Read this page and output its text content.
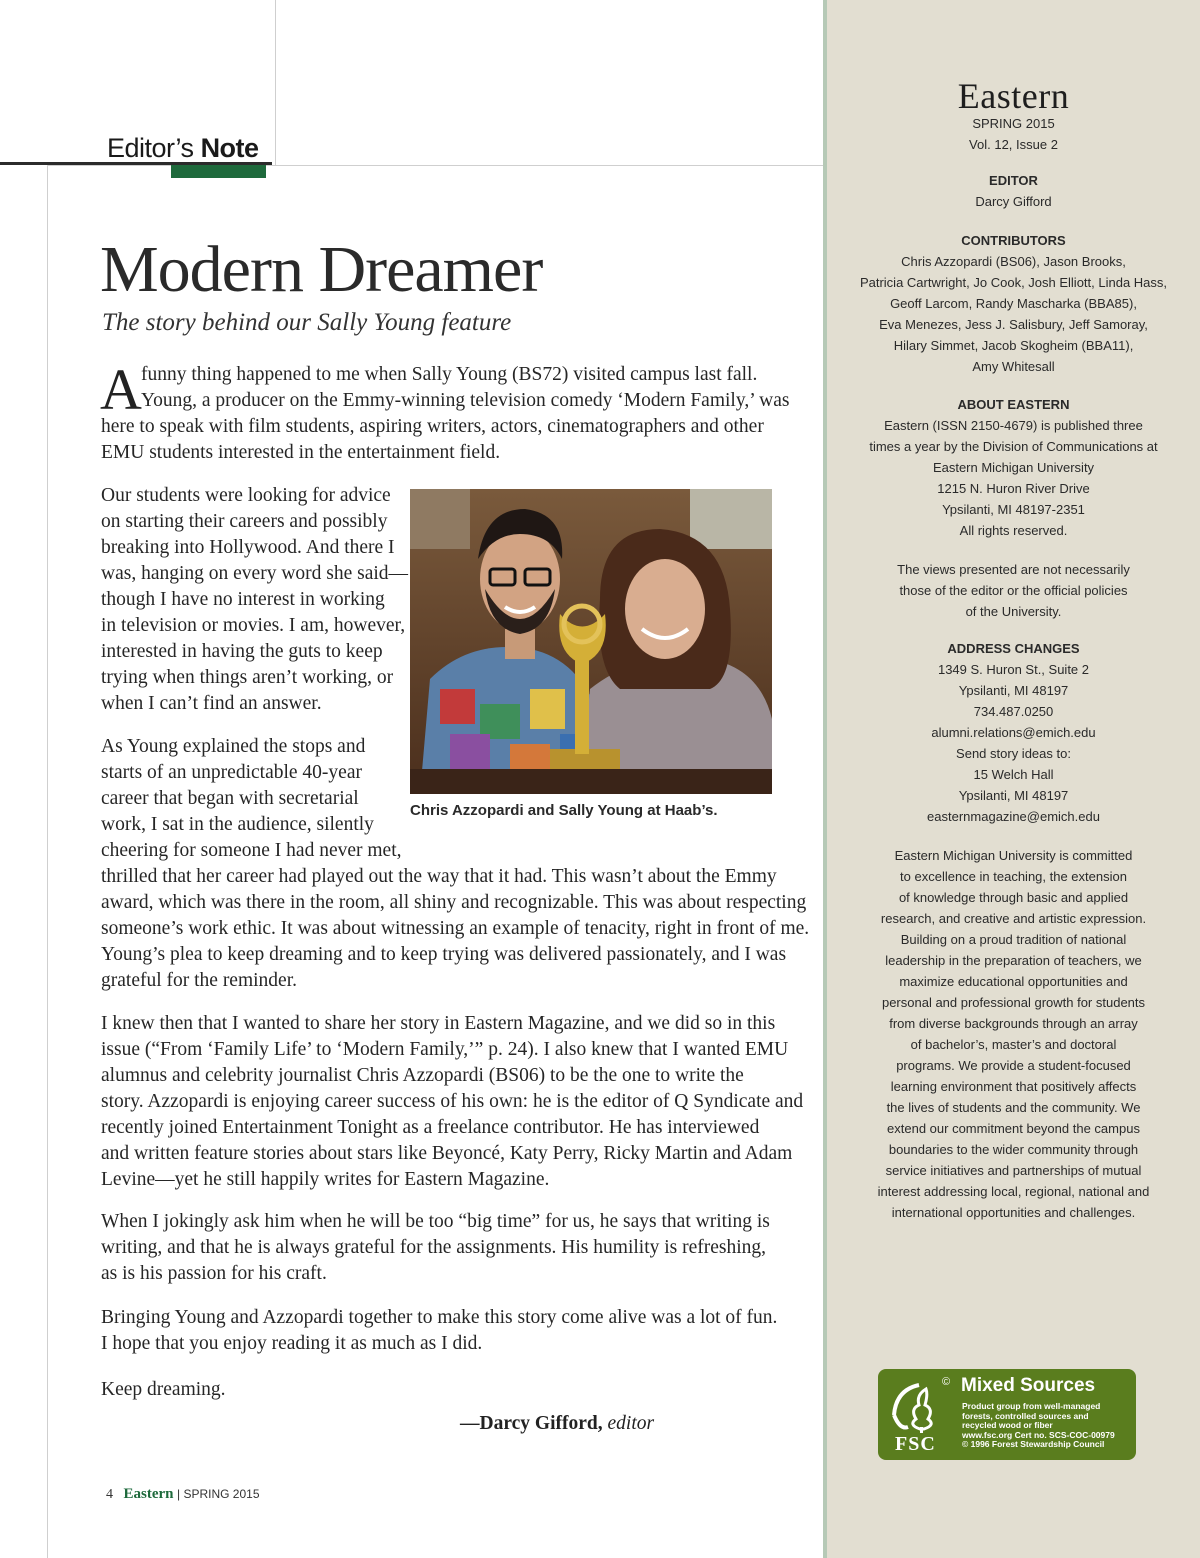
Editor’s Note
Modern Dreamer
The story behind our Sally Young feature
A funny thing happened to me when Sally Young (BS72) visited campus last fall.
Young, a producer on the Emmy-winning television comedy ‘Modern Family,’ was
here to speak with film students, aspiring writers, actors, cinematographers and other
EMU students interested in the entertainment field.
Our students were looking for advice
on starting their careers and possibly
breaking into Hollywood. And there I
was, hanging on every word she said—
though I have no interest in working
in television or movies. I am, however,
interested in having the guts to keep
trying when things aren’t working, or
when I can’t find an answer.
As Young explained the stops and
starts of an unpredictable 40-year
career that began with secretarial
work, I sat in the audience, silently
cheering for someone I had never met,
thrilled that her career had played out the way that it had. This wasn’t about the Emmy
award, which was there in the room, all shiny and recognizable. This was about respecting
someone’s work ethic. It was about witnessing an example of tenacity, right in front of me.
Young’s plea to keep dreaming and to keep trying was delivered passionately, and I was
grateful for the reminder.
I knew then that I wanted to share her story in Eastern Magazine, and we did so in this
issue (“From ‘Family Life’ to ‘Modern Family,’” p. 24). I also knew that I wanted EMU
alumnus and celebrity journalist Chris Azzopardi (BS06) to be the one to write the
story. Azzopardi is enjoying career success of his own: he is the editor of Q Syndicate and
recently joined Entertainment Tonight as a freelance contributor. He has interviewed
and written feature stories about stars like Beyoncé, Katy Perry, Ricky Martin and Adam
Levine—yet he still happily writes for Eastern Magazine.
When I jokingly ask him when he will be too “big time” for us, he says that writing is
writing, and that he is always grateful for the assignments. His humility is refreshing,
as is his passion for his craft.
Bringing Young and Azzopardi together to make this story come alive was a lot of fun.
I hope that you enjoy reading it as much as I did.
Keep dreaming.
—Darcy Gifford, editor
Chris Azzopardi and Sally Young at Haab’s.
4 Eastern | SPRING 2015
Eastern
SPRING 2015
Vol. 12, Issue 2
EDITOR
Darcy Gifford
CONTRIBUTORS
Chris Azzopardi (BS06), Jason Brooks,
Patricia Cartwright, Jo Cook, Josh Elliott, Linda Hass,
Geoff Larcom, Randy Mascharka (BBA85),
Eva Menezes, Jess J. Salisbury, Jeff Samoray,
Hilary Simmet, Jacob Skogheim (BBA11),
Amy Whitesall
ABOUT EASTERN
Eastern (ISSN 2150-4679) is published three
times a year by the Division of Communications at
Eastern Michigan University
1215 N. Huron River Drive
Ypsilanti, MI 48197-2351
All rights reserved.
The views presented are not necessarily
those of the editor or the official policies
of the University.
ADDRESS CHANGES
1349 S. Huron St., Suite 2
Ypsilanti, MI 48197
734.487.0250
alumni.relations@emich.edu
Send story ideas to:
15 Welch Hall
Ypsilanti, MI 48197
easternmagazine@emich.edu
Eastern Michigan University is committed
to excellence in teaching, the extension
of knowledge through basic and applied
research, and creative and artistic expression.
Building on a proud tradition of national
leadership in the preparation of teachers, we
maximize educational opportunities and
personal and professional growth for students
from diverse backgrounds through an array
of bachelor’s, master’s and doctoral
programs. We provide a student-focused
learning environment that positively affects
the lives of students and the community. We
extend our commitment beyond the campus
boundaries to the wider community through
service initiatives and partnerships of mutual
interest addressing local, regional, national and
international opportunities and challenges.
FSC
© Mixed Sources
Product group from well-managed
forests, controlled sources and
recycled wood or fiber
www.fsc.org Cert no. SCS-COC-00979
© 1996 Forest Stewardship Council
